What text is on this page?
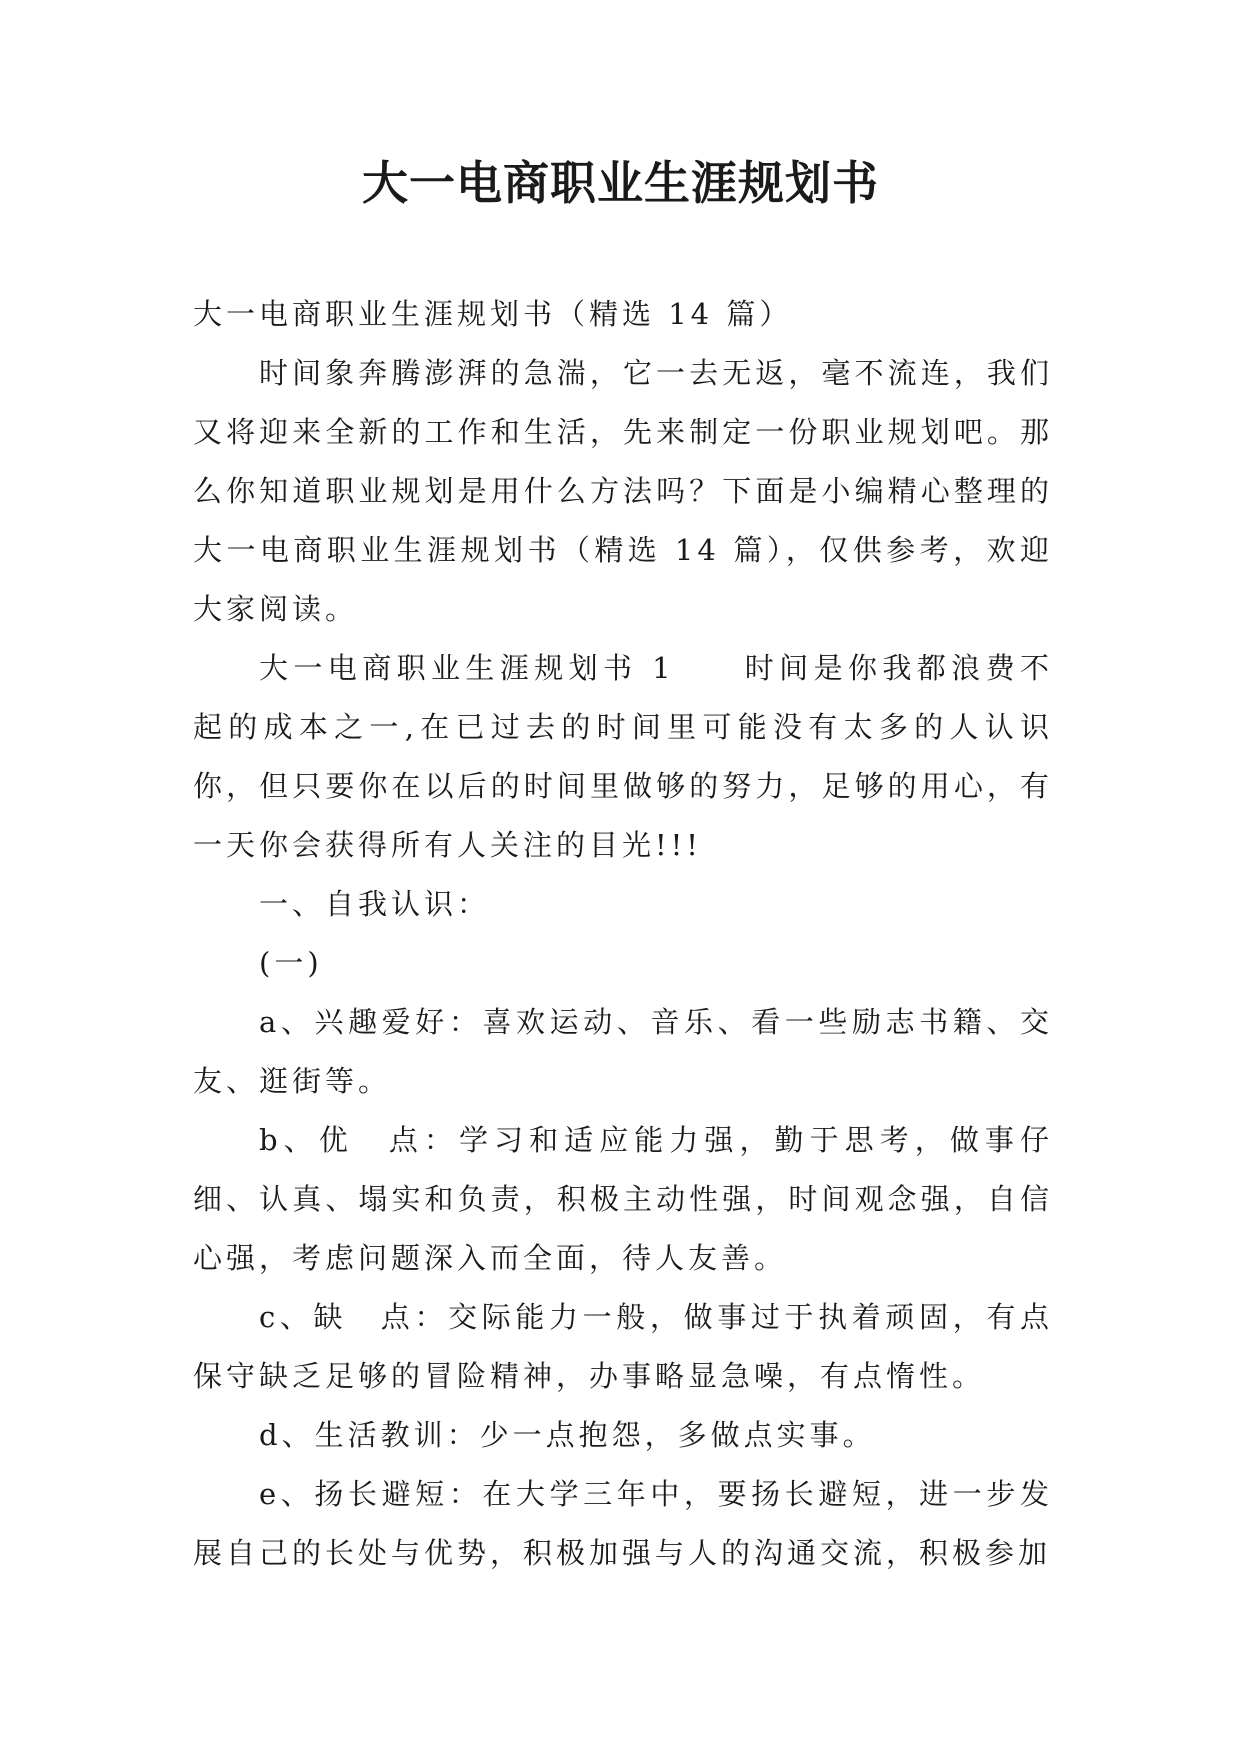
大一电商职业生涯规划书

大一电商职业生涯规划书（精选 14 篇）

时间象奔腾澎湃的急湍，它一去无返，毫不流连，我们又将迎来全新的工作和生活，先来制定一份职业规划吧。那么你知道职业规划是用什么方法吗？下面是小编精心整理的大一电商职业生涯规划书（精选 14 篇），仅供参考，欢迎大家阅读。

大一电商职业生涯规划书 1　　时间是你我都浪费不起的成本之一,在已过去的时间里可能没有太多的人认识你，但只要你在以后的时间里做够的努力，足够的用心，有一天你会获得所有人关注的目光!!!

一、自我认识：

(一)

a、兴趣爱好：喜欢运动、音乐、看一些励志书籍、交友、逛街等。

b、优　点：学习和适应能力强，勤于思考，做事仔细、认真、塌实和负责，积极主动性强，时间观念强，自信心强，考虑问题深入而全面，待人友善。

c、缺　点：交际能力一般，做事过于执着顽固，有点保守缺乏足够的冒险精神，办事略显急噪，有点惰性。

d、生活教训：少一点抱怨，多做点实事。

e、扬长避短：在大学三年中，要扬长避短，进一步发展自己的长处与优势，积极加强与人的沟通交流，积极参加
